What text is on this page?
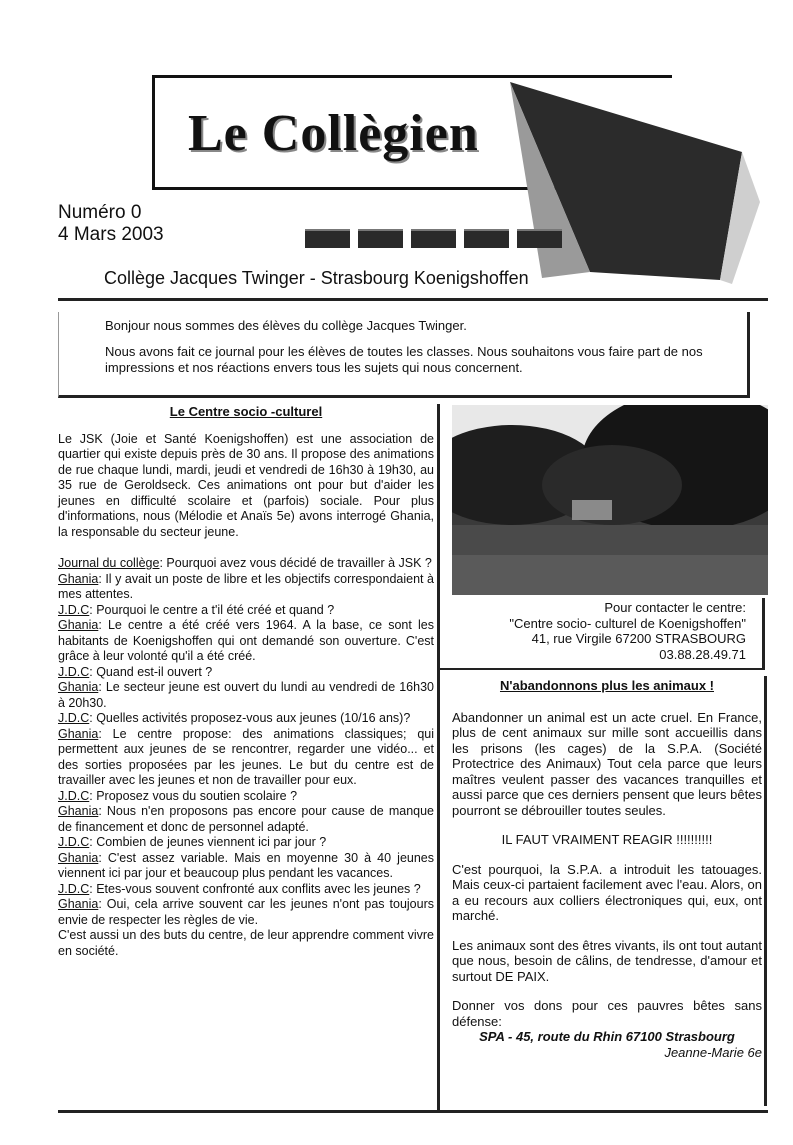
Le Collègien
Numéro 0
4 Mars 2003
Collège Jacques Twinger - Strasbourg Koenigshoffen

Bonjour nous sommes des élèves du collège Jacques Twinger.

Nous avons fait ce journal pour les élèves de toutes les classes. Nous souhaitons vous faire part de nos impressions et nos réactions envers tous les sujets qui nous concernent.

Le Centre socio -culturel

Le JSK (Joie et Santé Koenigshoffen) est une association de quartier qui existe depuis près de 30 ans. Il propose des animations de rue chaque lundi, mardi, jeudi et vendredi de 16h30 à 19h30, au 35 rue de Geroldseck. Ces animations ont pour but d'aider les jeunes en difficulté scolaire et (parfois) sociale. Pour plus d'informations, nous (Mélodie et Anaïs 5e) avons interrogé Ghania, la responsable du secteur jeune.

Journal du collège: Pourquoi avez vous décidé de travailler à JSK ?

Ghania: Il y avait un poste de libre et les objectifs correspondaient à mes attentes.

J.D.C: Pourquoi le centre a t'il été créé et quand ?

Ghania: Le centre a été créé vers 1964. A la base, ce sont les habitants de Koenigshoffen qui ont demandé son ouverture. C'est grâce à leur volonté qu'il a été créé.

J.D.C: Quand est-il ouvert ?

Ghania: Le secteur jeune est ouvert du lundi au vendredi de 16h30 à 20h30.

J.D.C: Quelles activités proposez-vous aux jeunes (10/16 ans)?

Ghania: Le centre propose: des animations classiques; qui permettent aux jeunes de se rencontrer, regarder une vidéo... et des sorties proposées par les jeunes. Le but du centre est de travailler avec les jeunes et non de travailler pour eux.

J.D.C: Proposez vous du soutien scolaire ?

Ghania: Nous n'en proposons pas encore pour cause de manque de financement et donc de personnel adapté.

J.D.C: Combien de jeunes viennent ici par jour ?

Ghania: C'est assez variable. Mais en moyenne 30 à 40 jeunes viennent ici par jour et beaucoup plus pendant les vacances.

J.D.C: Etes-vous souvent confronté aux conflits avec les jeunes ?

Ghania: Oui, cela arrive souvent car les jeunes n'ont pas toujours envie de respecter les règles de vie.

C'est aussi un des buts du centre, de leur apprendre comment vivre en société.

Pour contacter le centre:
"Centre socio- culturel de Koenigshoffen"
41, rue Virgile 67200 STRASBOURG
03.88.28.49.71

N'abandonnons plus les animaux !

Abandonner un animal est un acte cruel. En France, plus de cent animaux sur mille sont accueillis dans les prisons (les cages) de la S.P.A. (Société Protectrice des Animaux) Tout cela parce que leurs maîtres veulent passer des vacances tranquilles et aussi parce que ces derniers pensent que leurs bêtes pourront se débrouiller toutes seules.

IL FAUT VRAIMENT REAGIR !!!!!!!!!!

C'est pourquoi, la S.P.A. a introduit les tatouages. Mais ceux-ci partaient facilement avec l'eau. Alors, on a eu recours aux colliers électroniques qui, eux, ont marché.

Les animaux sont des êtres vivants, ils ont tout autant que nous, besoin de câlins, de tendresse, d'amour et surtout DE PAIX.

Donner vos dons pour ces pauvres bêtes sans défense:

SPA - 45, route du Rhin 67100 Strasbourg

Jeanne-Marie 6e
